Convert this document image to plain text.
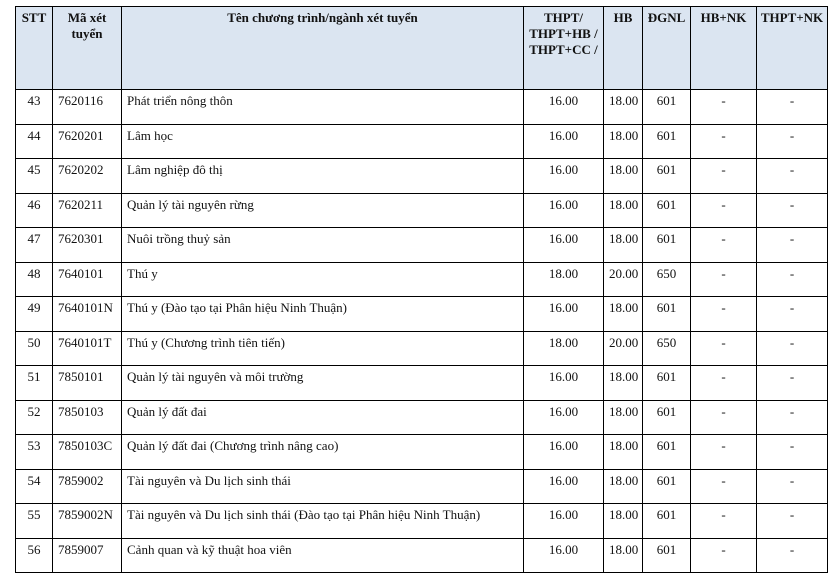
STT	Mã xét tuyển	Tên chương trình/ngành xét tuyển	THPT/ THPT+HB / THPT+CC /	HB	ĐGNL	HB+NK	THPT+NK
43	7620116	Phát triển nông thôn	16.00	18.00	601	-	-
44	7620201	Lâm học	16.00	18.00	601	-	-
45	7620202	Lâm nghiệp đô thị	16.00	18.00	601	-	-
46	7620211	Quản lý tài nguyên rừng	16.00	18.00	601	-	-
47	7620301	Nuôi trồng thuỷ sản	16.00	18.00	601	-	-
48	7640101	Thú y	18.00	20.00	650	-	-
49	7640101N	Thú y (Đào tạo tại Phân hiệu Ninh Thuận)	16.00	18.00	601	-	-
50	7640101T	Thú y (Chương trình tiên tiến)	18.00	20.00	650	-	-
51	7850101	Quản lý tài nguyên và môi trường	16.00	18.00	601	-	-
52	7850103	Quản lý đất đai	16.00	18.00	601	-	-
53	7850103C	Quản lý đất đai (Chương trình nâng cao)	16.00	18.00	601	-	-
54	7859002	Tài nguyên và Du lịch sinh thái	16.00	18.00	601	-	-
55	7859002N	Tài nguyên và Du lịch sinh thái (Đào tạo tại Phân hiệu Ninh Thuận)	16.00	18.00	601	-	-
56	7859007	Cảnh quan và kỹ thuật hoa viên	16.00	18.00	601	-	-
